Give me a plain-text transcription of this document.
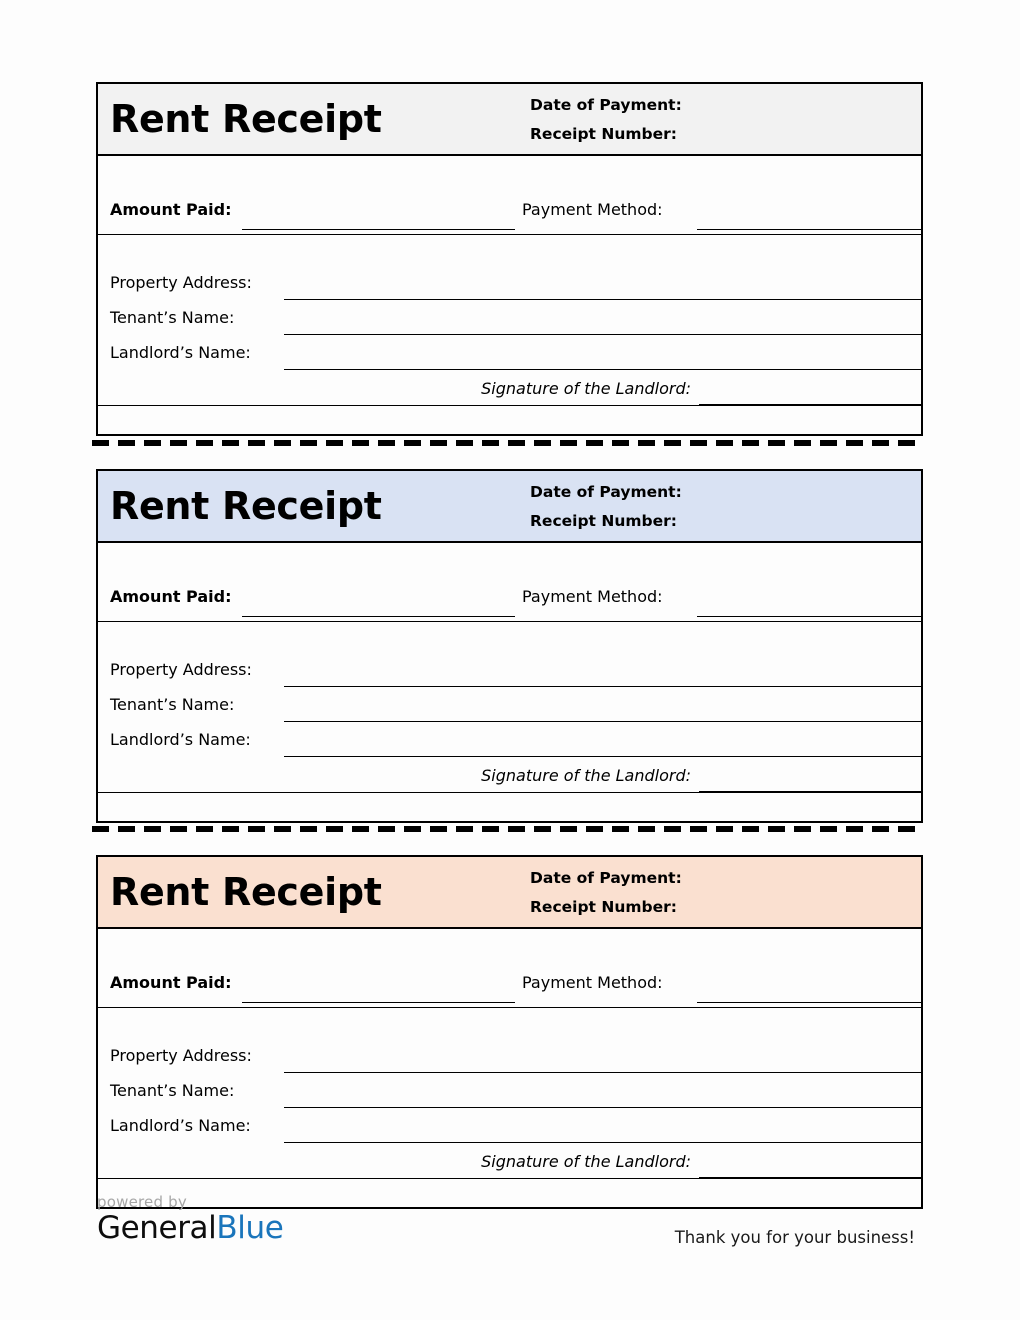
Rent Receipt	Date of Payment:
Receipt Number:
Amount Paid:	Payment Method:
Property Address:
Tenant’s Name:
Landlord’s Name:
Signature of the Landlord:
Rent Receipt	Date of Payment:
Receipt Number:
Amount Paid:	Payment Method:
Property Address:
Tenant’s Name:
Landlord’s Name:
Signature of the Landlord:
Rent Receipt	Date of Payment:
Receipt Number:
Amount Paid:	Payment Method:
Property Address:
Tenant’s Name:
Landlord’s Name:
Signature of the Landlord:
powered by
GeneralBlue	Thank you for your business!
